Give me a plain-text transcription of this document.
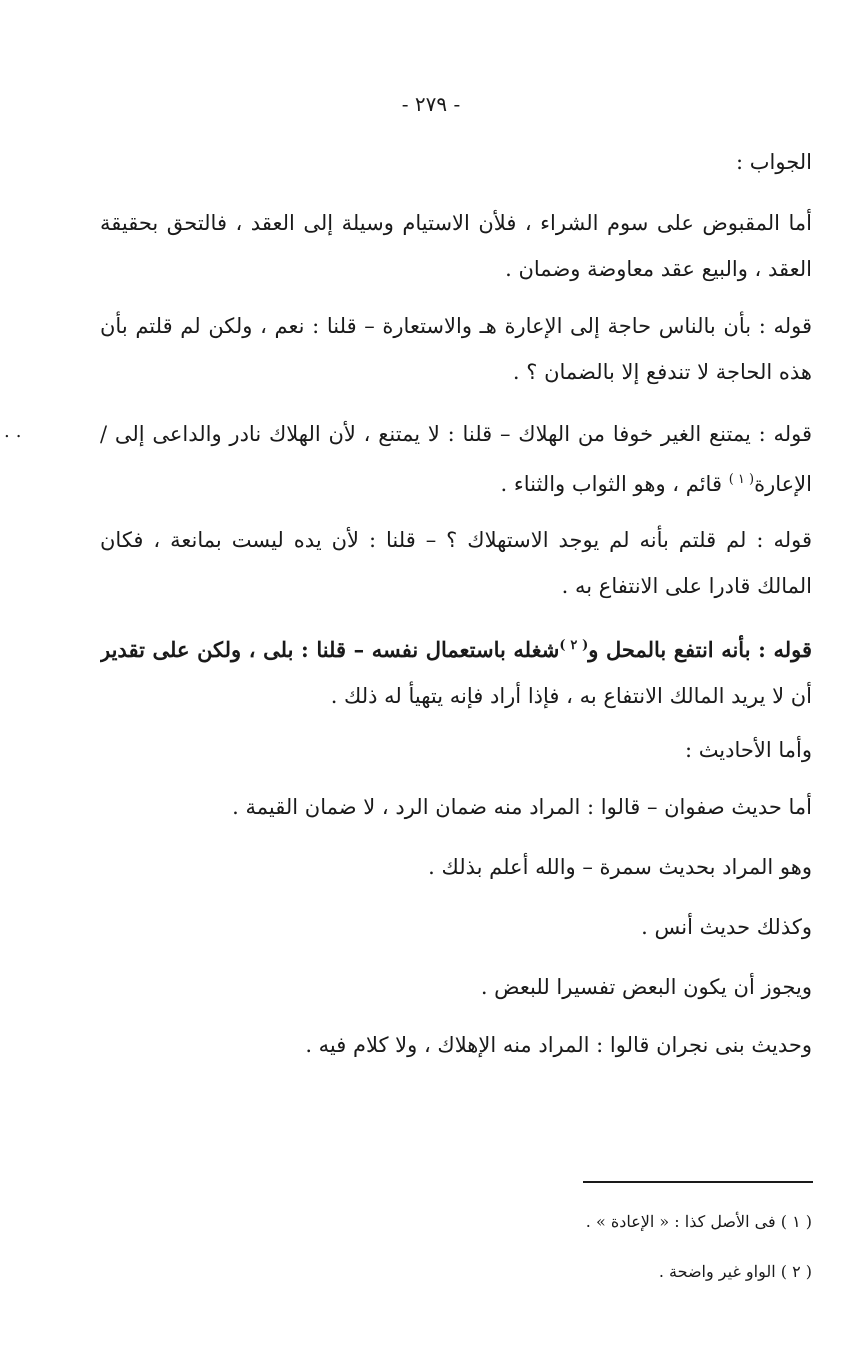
- ٢٧٩ -
..
الجواب :
أما المقبوض على سوم الشراء ، فلأن الاستيام وسيلة إلى العقد ، فالتحق بحقيقة
العقد ، والبيع عقد معاوضة وضمان .
قوله : بأن بالناس حاجة إلى الإعارة هـ والاستعارة – قلنا : نعم ، ولكن لم قلتم بأن
هذه الحاجة لا تندفع إلا بالضمان ؟ .
قوله : يمتنع الغير خوفا من الهلاك – قلنا : لا يمتنع ، لأن الهلاك نادر والداعى إلى /
الإعارة$^{( ١ )}$ قائم ، وهو الثواب والثناء .
قوله : لم قلتم بأنه لم يوجد الاستهلاك ؟ – قلنا : لأن يده ليست بمانعة ، فكان
المالك قادرا على الانتفاع به .
قوله : بأنه انتفع بالمحل و$^{( ٢ )}$شغله باستعمال نفسه – قلنا : بلى ، ولكن على تقدير
أن لا يريد المالك الانتفاع به ، فإذا أراد فإنه يتهيأ له ذلك .
وأما الأحاديث :
أما حديث صفوان – قالوا : المراد منه ضمان الرد ، لا ضمان القيمة .
وهو المراد بحديث سمرة – والله أعلم بذلك .
وكذلك حديث أنس .
ويجوز أن يكون البعض تفسيرا للبعض .
وحديث بنى نجران قالوا : المراد منه الإهلاك ، ولا كلام فيه .
( ١ ) فى الأصل كذا : « الإعادة » .
( ٢ ) الواو غير واضحة .
